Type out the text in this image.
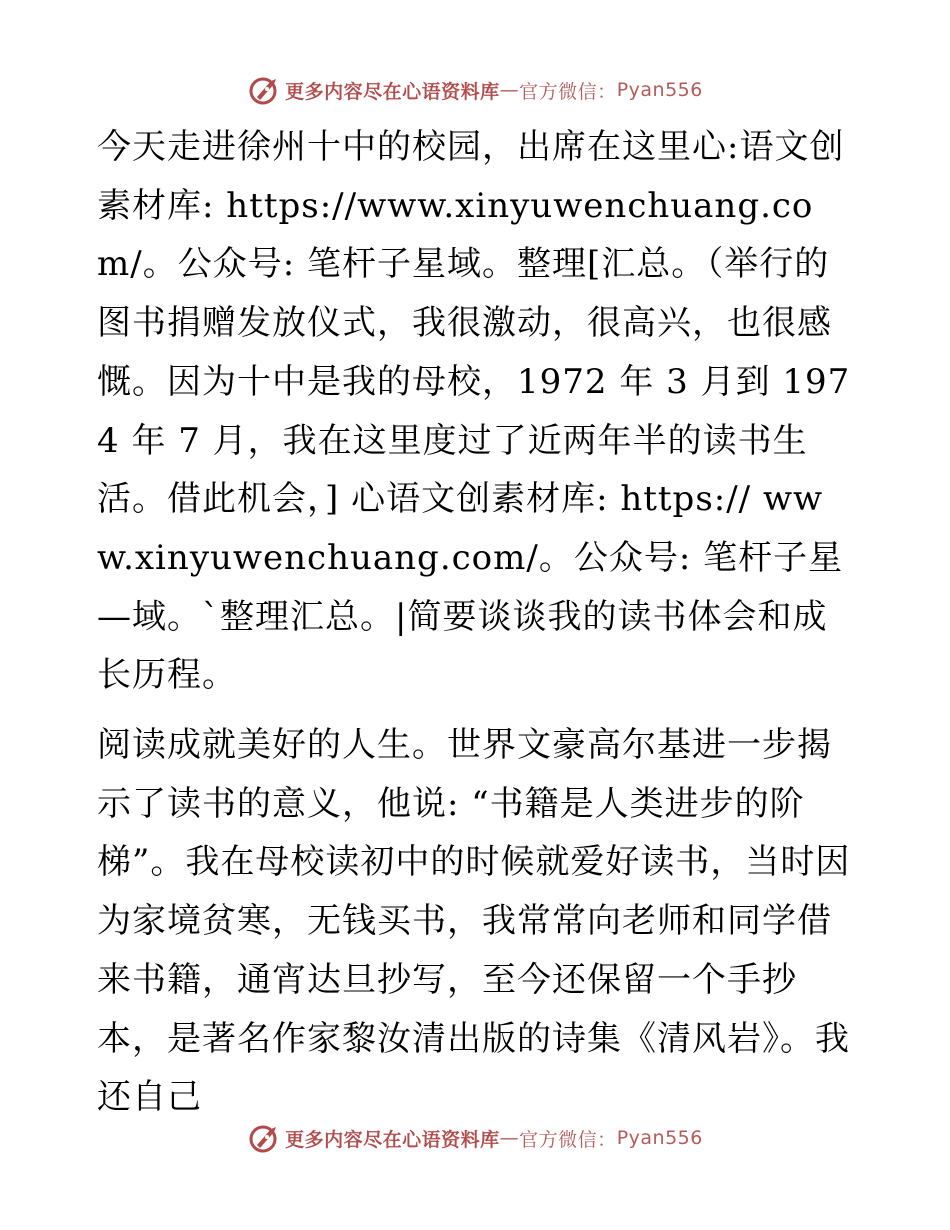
更多内容尽在心语资料库 — 官方微信： Pyan556

今天走进徐州十中的校园，出席在这里心:语文创素材库: https://www.xinyuwenchuang.com/。公众号: 笔杆子星域。整理[汇总。（举行的图书捐赠发放仪式，我很激动，很高兴，也很感慨。因为十中是我的母校，1972 年 3 月到 1974 年 7 月，我在这里度过了近两年半的读书生活。借此机会，] 心语文创素材库: https:// www.xinyuwenchuang.com/。公众号: 笔杆子星—域。`整理汇总。|简要谈谈我的读书体会和成长历程。

阅读成就美好的人生。世界文豪高尔基进一步揭示了读书的意义，他说: “书籍是人类进步的阶梯”。我在母校读初中的时候就爱好读书，当时因为家境贫寒，无钱买书，我常常向老师和同学借来书籍，通宵达旦抄写，至今还保留一个手抄本，是著名作家黎汝清出版的诗集《清风岩》。我还自己

更多内容尽在心语资料库 — 官方微信： Pyan556
